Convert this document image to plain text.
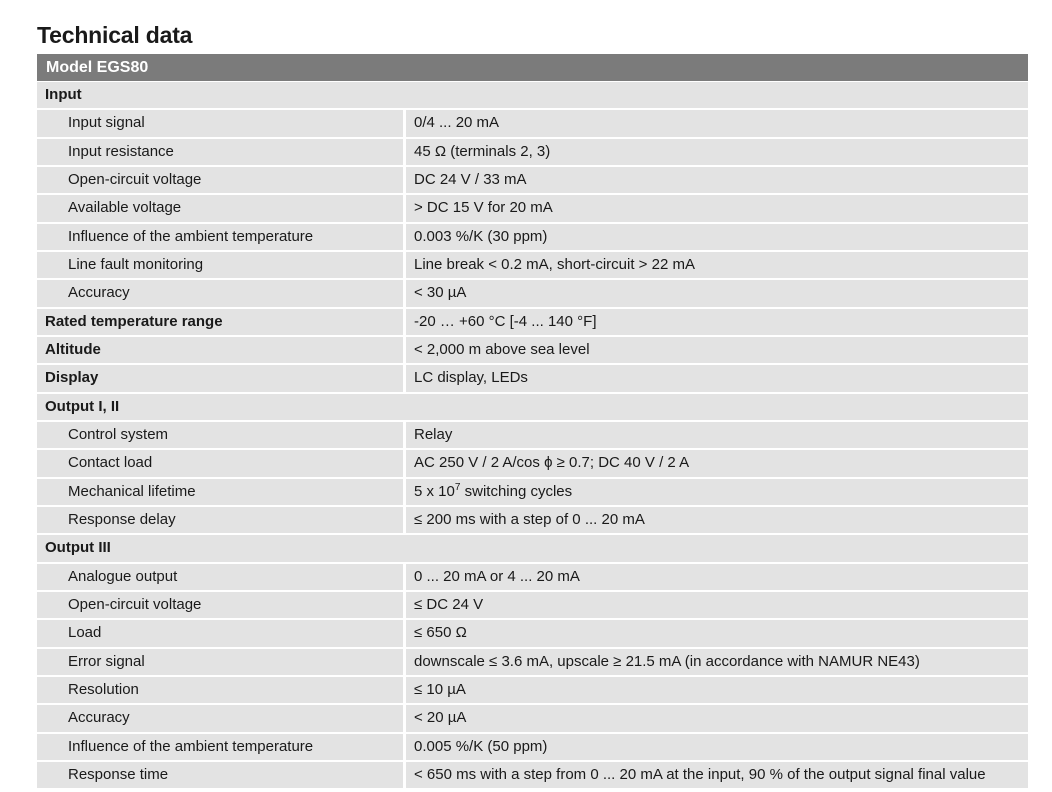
Technical data
Model EGS80
Input
Input signal	0/4 ... 20 mA
Input resistance	45 Ω (terminals 2, 3)
Open-circuit voltage	DC 24 V / 33 mA
Available voltage	> DC 15 V for 20 mA
Influence of the ambient temperature	0.003 %/K (30 ppm)
Line fault monitoring	Line break < 0.2 mA, short-circuit > 22 mA
Accuracy	< 30 µA
Rated temperature range	-20 … +60 °C [-4 ... 140 °F]
Altitude	< 2,000 m above sea level
Display	LC display, LEDs
Output I, II
Control system	Relay
Contact load	AC 250 V / 2 A/cos ϕ ≥ 0.7; DC 40 V / 2 A
Mechanical lifetime	5 x $10^7$ switching cycles
Response delay	≤ 200 ms with a step of 0 ... 20 mA
Output III
Analogue output	0 ... 20 mA or 4 ... 20 mA
Open-circuit voltage	≤ DC 24 V
Load	≤ 650 Ω
Error signal	downscale ≤ 3.6 mA, upscale ≥ 21.5 mA (in accordance with NAMUR NE43)
Resolution	≤ 10 µA
Accuracy	< 20 µA
Influence of the ambient temperature	0.005 %/K (50 ppm)
Response time	< 650 ms with a step from 0 ... 20 mA at the input, 90 % of the output signal final value
